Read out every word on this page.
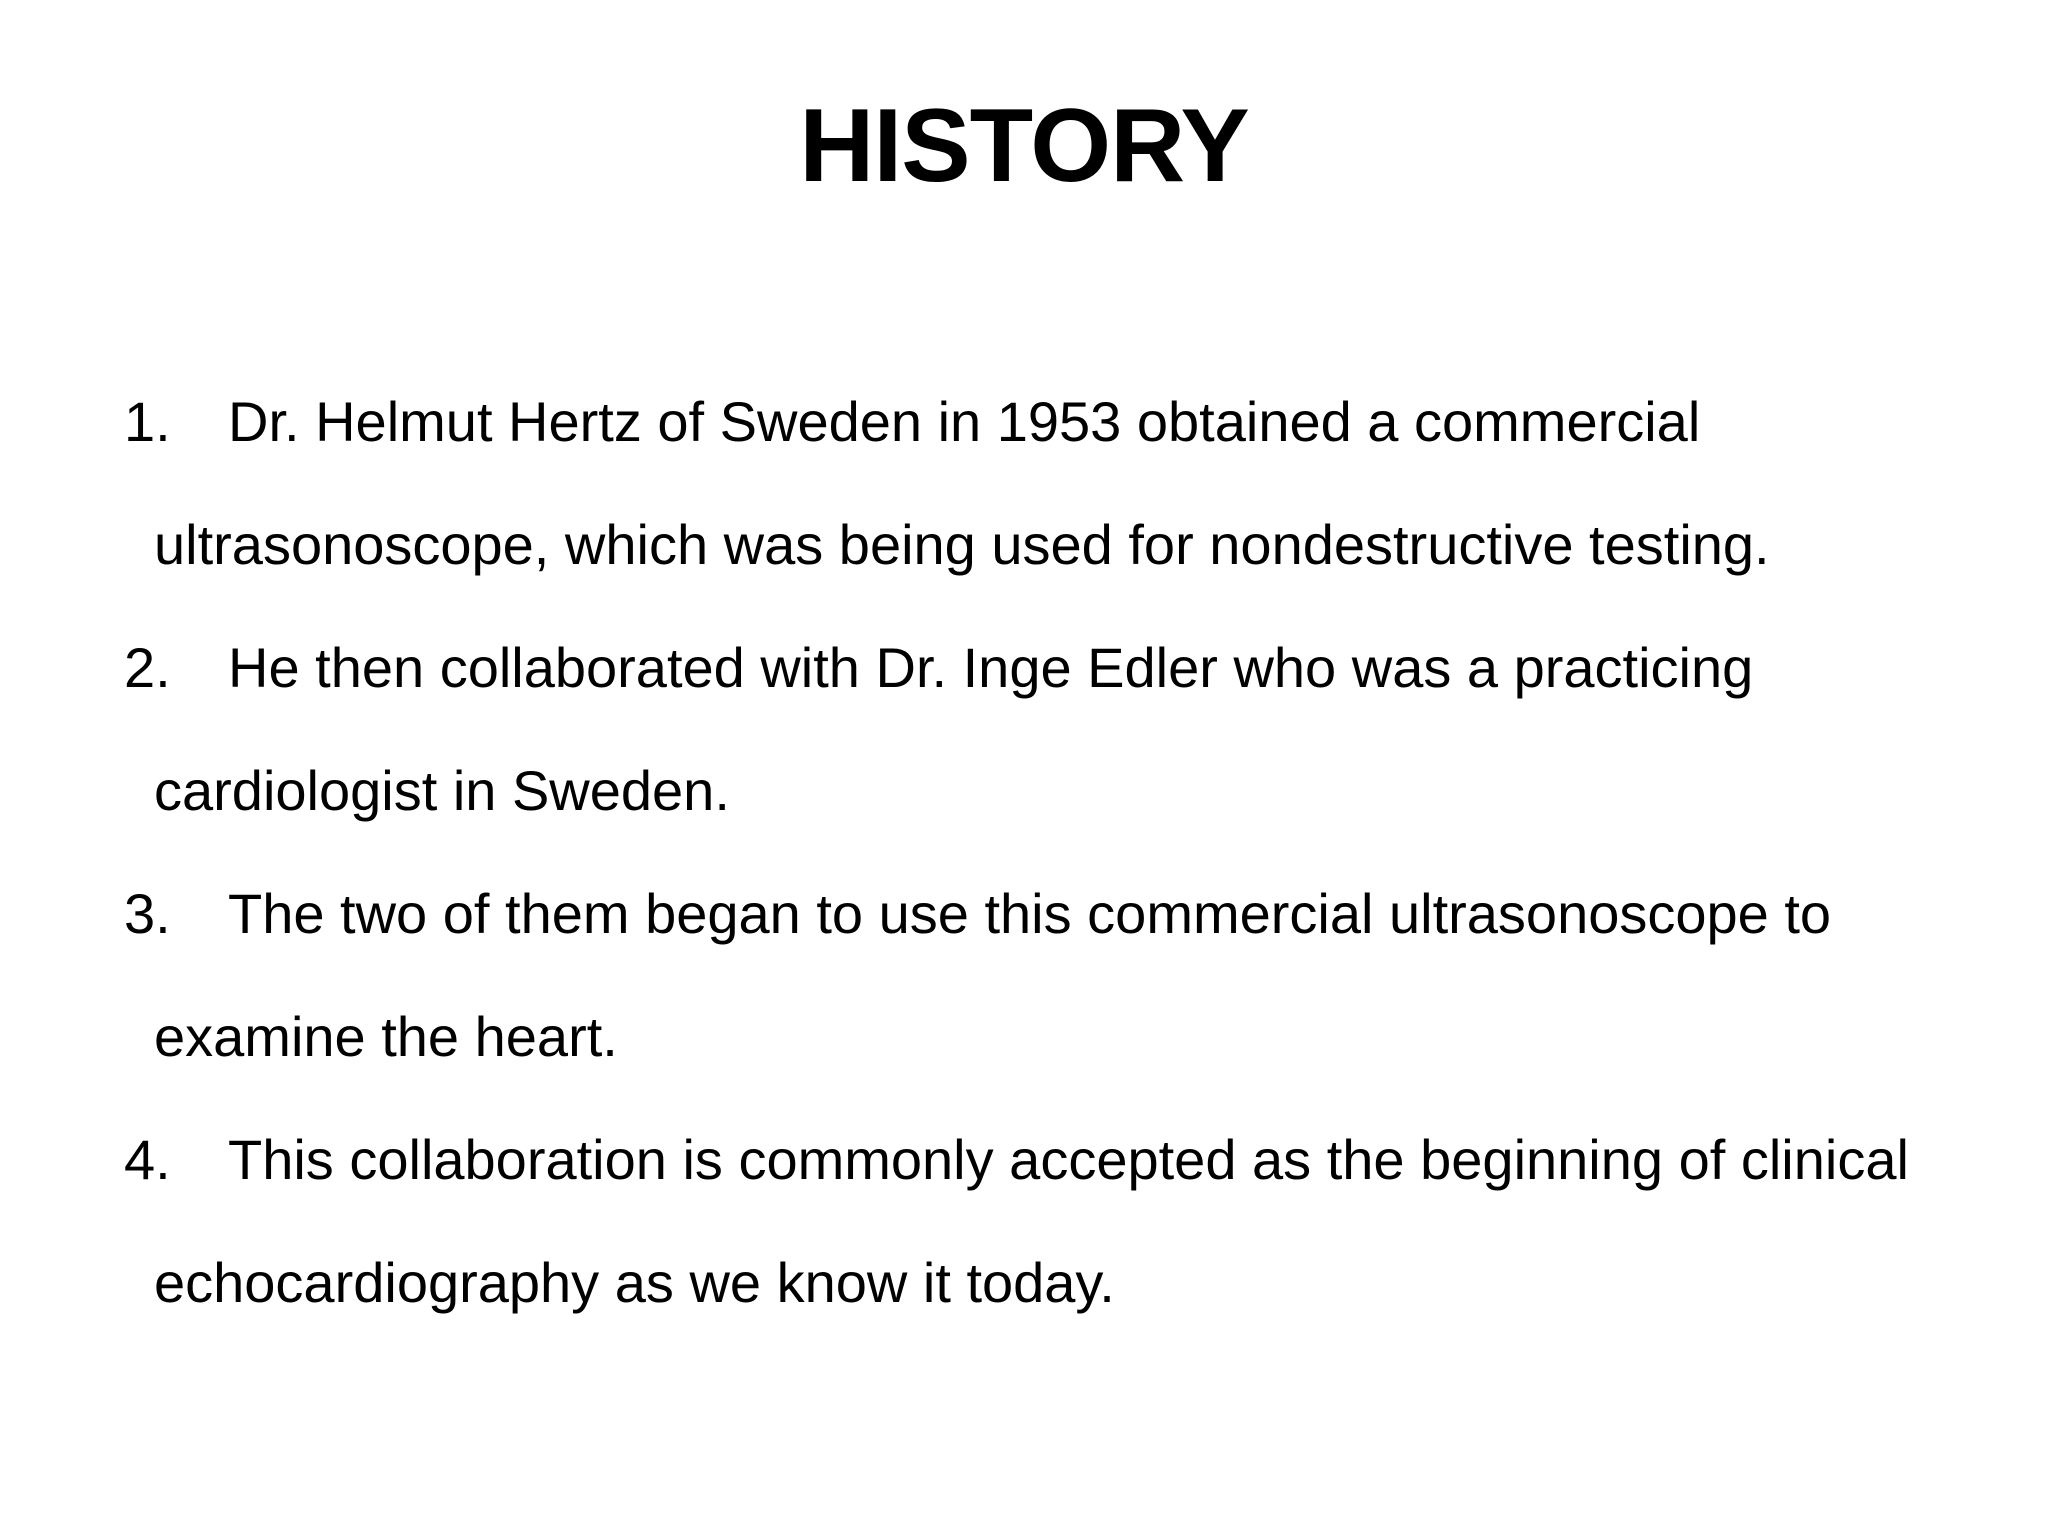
HISTORY
1. Dr. Helmut Hertz of Sweden in 1953 obtained a commercial ultrasonoscope, which was being used for nondestructive testing.
2. He then collaborated with Dr. Inge Edler who was a practicing cardiologist in Sweden.
3. The two of them began to use this commercial ultrasonoscope to examine the heart.
4. This collaboration is commonly accepted as the beginning of clinical echocardiography as we know it today.
